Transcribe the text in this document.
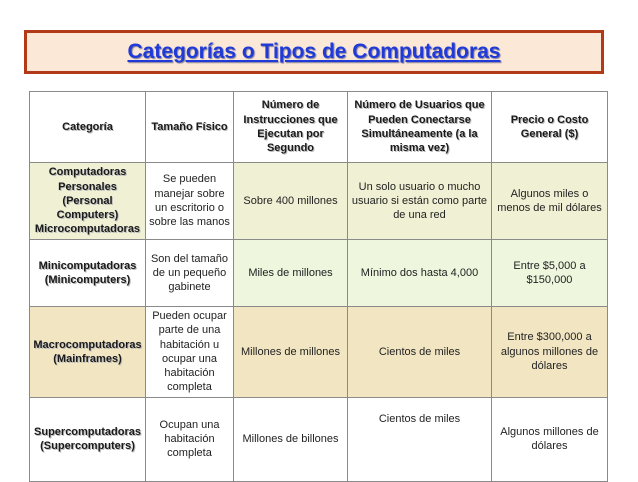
Categorías o Tipos de Computadoras
Categoría	Tamaño Físico	Número de Instrucciones que Ejecutan por Segundo	Número de Usuarios que Pueden Conectarse Simultáneamente (a la misma vez)	Precio o Costo General ($)
Computadoras Personales (Personal Computers) Microcomputadoras	Se pueden manejar sobre un escritorio o sobre las manos	Sobre 400 millones	Un solo usuario o mucho usuario si están como parte de una red	Algunos miles o menos de mil dólares
Minicomputadoras (Minicomputers)	Son del tamaño de un pequeño gabinete	Miles de millones	Mínimo dos hasta 4,000	Entre $5,000 a $150,000
Macrocomputadoras (Mainframes)	Pueden ocupar parte de una habitación u ocupar una habitación completa	Millones de millones	Cientos de miles	Entre $300,000 a algunos millones de dólares
Supercomputadoras (Supercomputers)	Ocupan una habitación completa	Millones de billones	Cientos de miles	Algunos millones de dólares
